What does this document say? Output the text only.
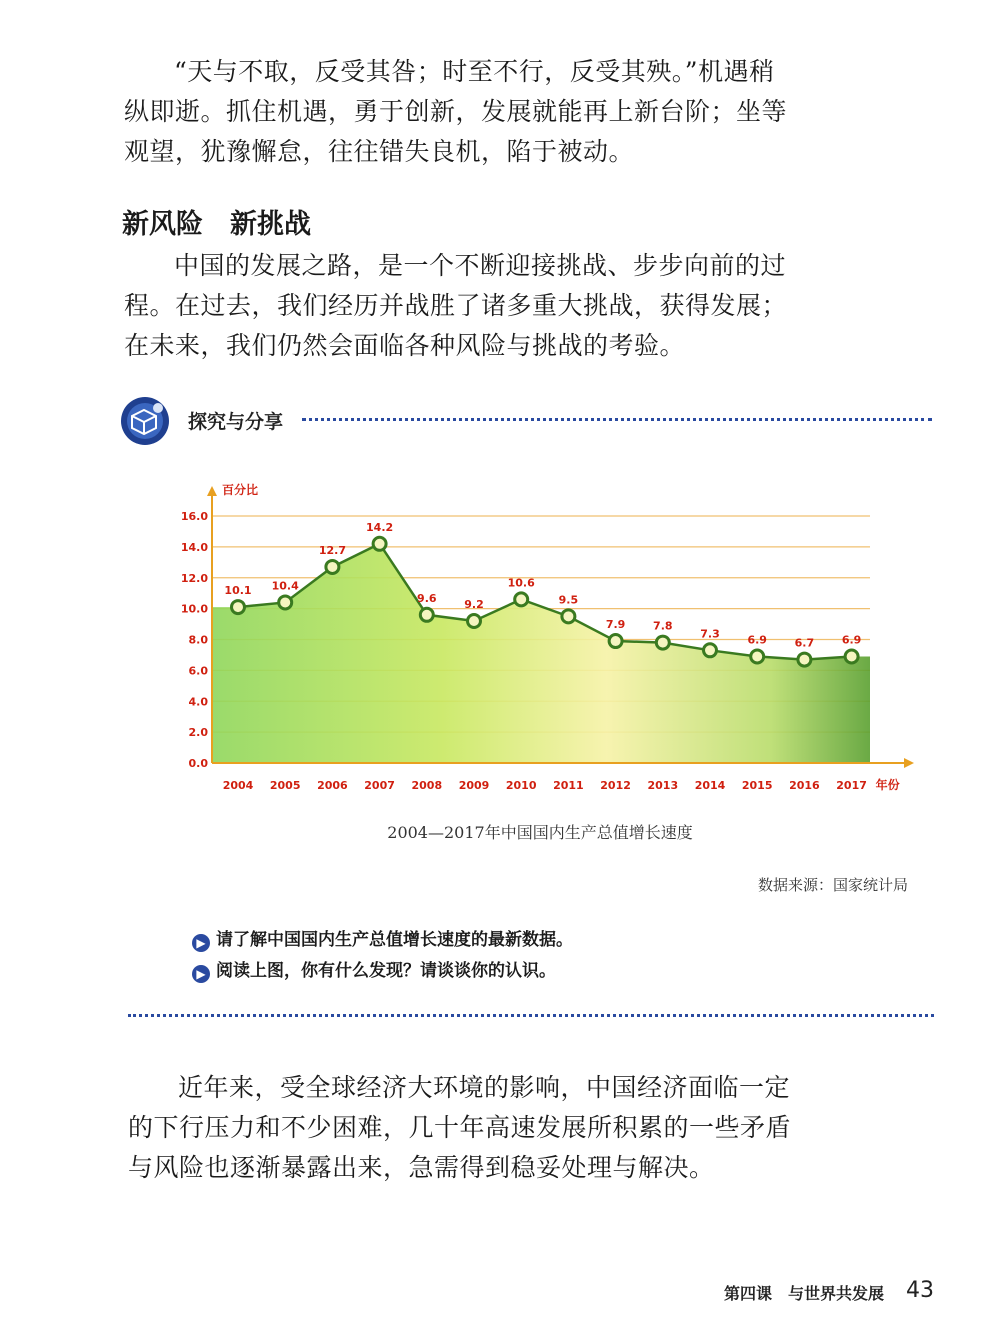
“天与不取，反受其咎；时至不行，反受其殃。”机遇稍
纵即逝。抓住机遇，勇于创新，发展就能再上新台阶；坐等
观望，犹豫懈怠，往往错失良机，陷于被动。

新风险　新挑战

中国的发展之路，是一个不断迎接挑战、步步向前的过
程。在过去，我们经历并战胜了诸多重大挑战，获得发展；
在未来，我们仍然会面临各种风险与挑战的考验。

探究与分享
10.1 10.4
12.7
14.2
9.6	9.2
10.6
9.5
7.9	7.8
7.3	6.9	6.7	6.9
0.0
2.0
4.0
6.0
8.0
10.0
12.0
14.0
16.0
百分比
2004 2005 2006 2007 2008 2009 2010 2011 2012 2013 2014 2015 2016 2017 年份
2004—2017年中国国内生产总值增长速度
数据来源：国家统计局
▶ 请了解中国国内生产总值增长速度的最新数据。
▶ 阅读上图，你有什么发现？请谈谈你的认识。

近年来，受全球经济大环境的影响，中国经济面临一定
的下行压力和不少困难，几十年高速发展所积累的一些矛盾
与风险也逐渐暴露出来，急需得到稳妥处理与解决。

第四课　与世界共发展	43
